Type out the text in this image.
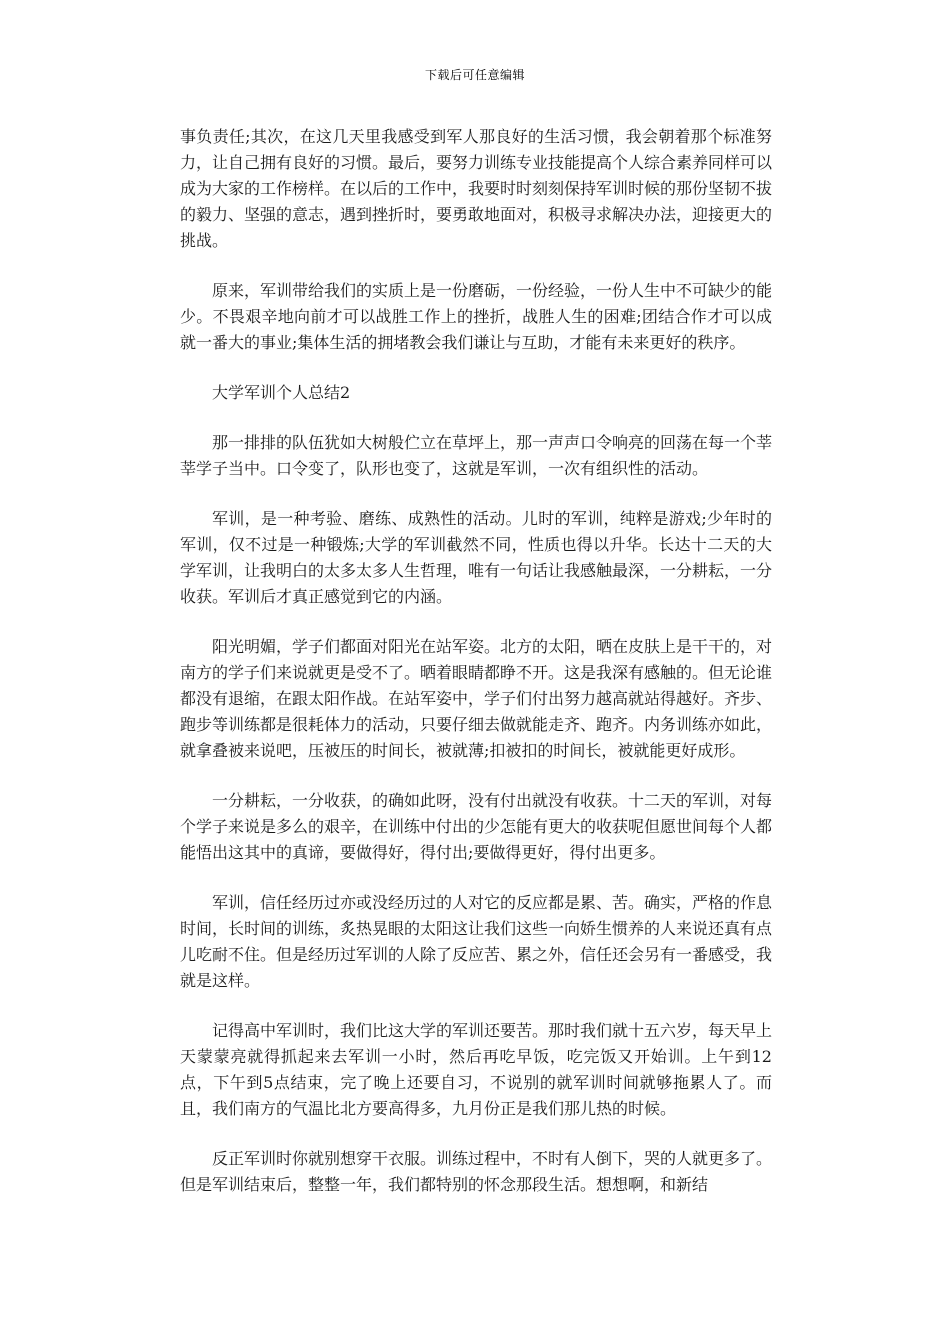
下载后可任意编辑

事负责任;其次，在这几天里我感受到军人那良好的生活习惯，我会朝着那个标准努力，让自己拥有良好的习惯。最后，要努力训练专业技能提高个人综合素养同样可以成为大家的工作榜样。在以后的工作中，我要时时刻刻保持军训时候的那份坚韧不拔的毅力、坚强的意志，遇到挫折时，要勇敢地面对，积极寻求解决办法，迎接更大的挑战。

原来，军训带给我们的实质上是一份磨砺，一份经验，一份人生中不可缺少的能少。不畏艰辛地向前才可以战胜工作上的挫折，战胜人生的困难;团结合作才可以成就一番大的事业;集体生活的拥堵教会我们谦让与互助，才能有未来更好的秩序。

大学军训个人总结2

那一排排的队伍犹如大树般伫立在草坪上，那一声声口令响亮的回荡在每一个莘莘学子当中。口令变了，队形也变了，这就是军训，一次有组织性的活动。

军训，是一种考验、磨练、成熟性的活动。儿时的军训，纯粹是游戏;少年时的军训，仅不过是一种锻炼;大学的军训截然不同，性质也得以升华。长达十二天的大学军训，让我明白的太多太多人生哲理，唯有一句话让我感触最深，一分耕耘，一分收获。军训后才真正感觉到它的内涵。

阳光明媚，学子们都面对阳光在站军姿。北方的太阳，晒在皮肤上是干干的，对南方的学子们来说就更是受不了。晒着眼睛都睁不开。这是我深有感触的。但无论谁都没有退缩，在跟太阳作战。在站军姿中，学子们付出努力越高就站得越好。齐步、跑步等训练都是很耗体力的活动，只要仔细去做就能走齐、跑齐。内务训练亦如此，就拿叠被来说吧，压被压的时间长，被就薄;扣被扣的时间长，被就能更好成形。

一分耕耘，一分收获，的确如此呀，没有付出就没有收获。十二天的军训，对每个学子来说是多么的艰辛，在训练中付出的少怎能有更大的收获呢但愿世间每个人都能悟出这其中的真谛，要做得好，得付出;要做得更好，得付出更多。

军训，信任经历过亦或没经历过的人对它的反应都是累、苦。确实，严格的作息时间，长时间的训练，炙热晃眼的太阳这让我们这些一向娇生惯养的人来说还真有点儿吃耐不住。但是经历过军训的人除了反应苦、累之外，信任还会另有一番感受，我就是这样。

记得高中军训时，我们比这大学的军训还要苦。那时我们就十五六岁，每天早上天蒙蒙亮就得抓起来去军训一小时，然后再吃早饭，吃完饭又开始训。上午到12点，下午到5点结束，完了晚上还要自习，不说别的就军训时间就够拖累人了。而且，我们南方的气温比北方要高得多，九月份正是我们那儿热的时候。

反正军训时你就别想穿干衣服。训练过程中，不时有人倒下，哭的人就更多了。但是军训结束后，整整一年，我们都特别的怀念那段生活。想想啊，和新结
